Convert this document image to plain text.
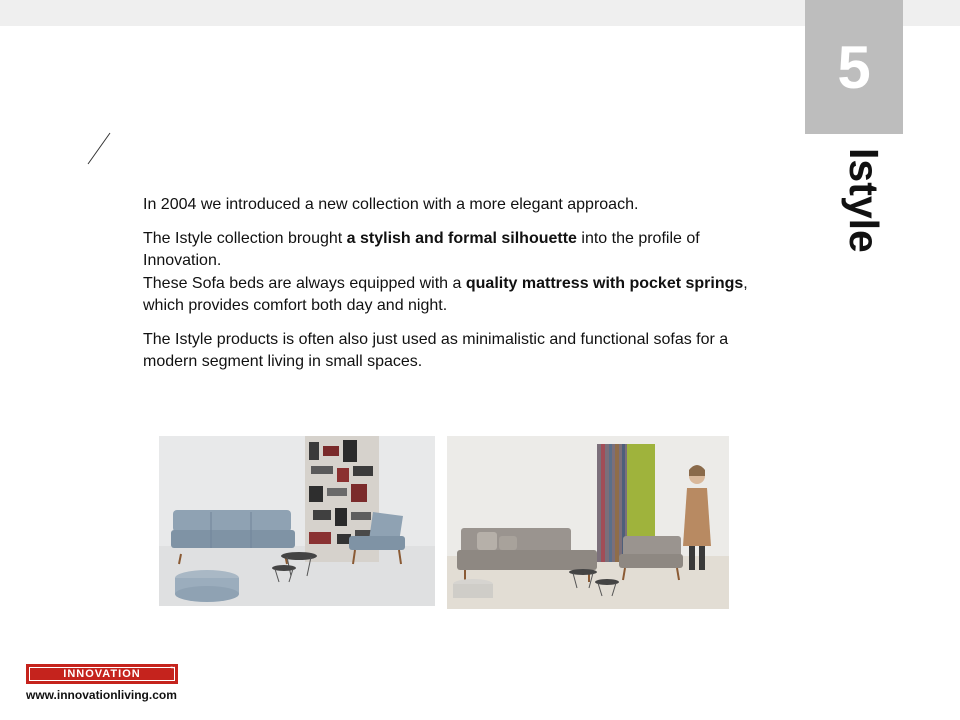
5
Istyle

In 2004 we introduced a new collection with a more elegant approach.

The Istyle collection brought a stylish and formal silhouette into the profile of Innovation.

These Sofa beds are always equipped with a quality mattress with pocket springs, which provides comfort both day and night.

The Istyle products is often also just used as minimalistic and functional sofas for a modern segment living in small spaces.

INNOVATION	™
www.innovationliving.com
